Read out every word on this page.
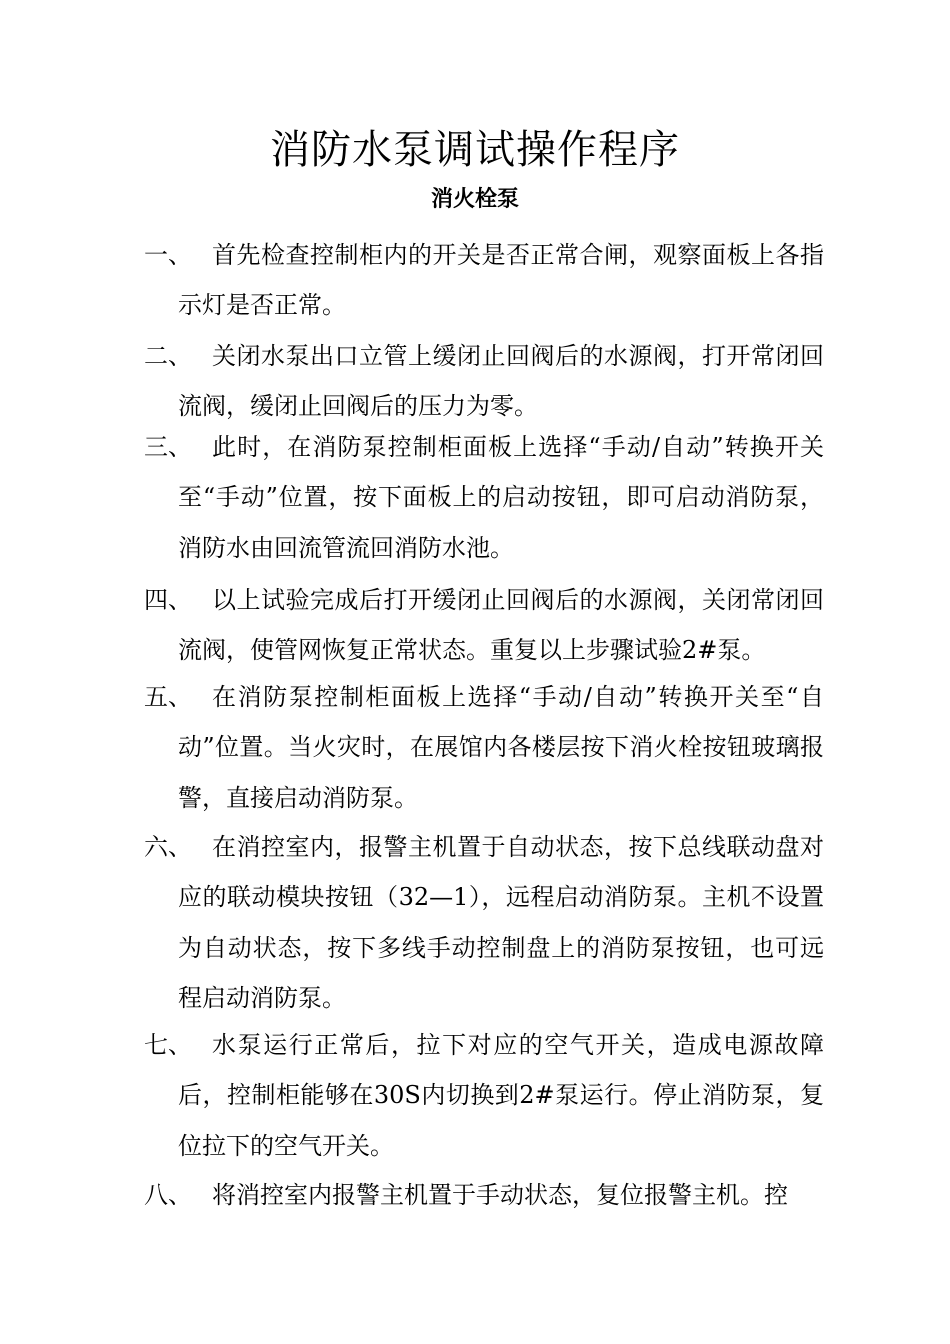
消防水泵调试操作程序
消火栓泵
一、 首先检查控制柜内的开关是否正常合闸，观察面板上各指示灯是否正常。

二、 关闭水泵出口立管上缓闭止回阀后的水源阀，打开常闭回流阀，缓闭止回阀后的压力为零。

三、 此时，在消防泵控制柜面板上选择“手动/自动”转换开关至“手动”位置，按下面板上的启动按钮，即可启动消防泵，消防水由回流管流回消防水池。

四、 以上试验完成后打开缓闭止回阀后的水源阀，关闭常闭回流阀，使管网恢复正常状态。重复以上步骤试验2#泵。

五、 在消防泵控制柜面板上选择“手动/自动”转换开关至“自动”位置。当火灾时，在展馆内各楼层按下消火栓按钮玻璃报警，直接启动消防泵。

六、 在消控室内，报警主机置于自动状态，按下总线联动盘对应的联动模块按钮（32—1），远程启动消防泵。主机不设置为自动状态，按下多线手动控制盘上的消防泵按钮，也可远程启动消防泵。

七、 水泵运行正常后，拉下对应的空气开关，造成电源故障后，控制柜能够在30S内切换到2#泵运行。停止消防泵，复位拉下的空气开关。

八、 将消控室内报警主机置于手动状态，复位报警主机。控
